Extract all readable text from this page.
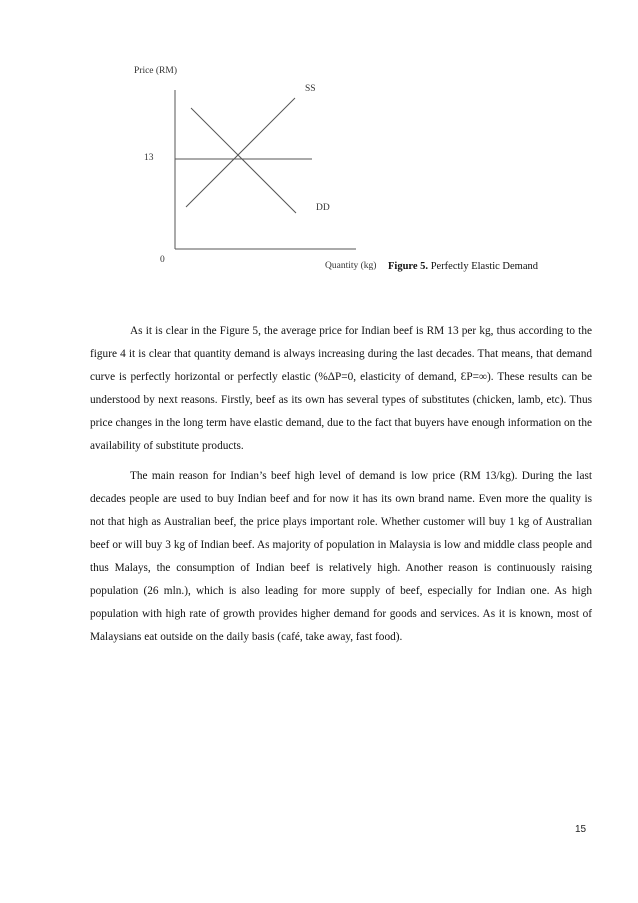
Price (RM)
SS
13
DD
0
Quantity (kg) Figure 5. Perfectly Elastic Demand

As it is clear in the Figure 5, the average price for Indian beef is RM 13 per kg, thus according to the figure 4 it is clear that quantity demand is always increasing during the last decades. That means, that demand curve is perfectly horizontal or perfectly elastic (%ΔP=0, elasticity of demand, ƐP=∞). These results can be understood by next reasons. Firstly, beef as its own has several types of substitutes (chicken, lamb, etc). Thus price changes in the long term have elastic demand, due to the fact that buyers have enough information on the availability of substitute products.

The main reason for Indian’s beef high level of demand is low price (RM 13/kg). During the last decades people are used to buy Indian beef and for now it has its own brand name. Even more the quality is not that high as Australian beef, the price plays important role. Whether customer will buy 1 kg of Australian beef or will buy 3 kg of Indian beef. As majority of population in Malaysia is low and middle class people and thus Malays, the consumption of Indian beef is relatively high. Another reason is continuously raising population (26 mln.), which is also leading for more supply of beef, especially for Indian one. As high population with high rate of growth provides higher demand for goods and services. As it is known, most of Malaysians eat outside on the daily basis (café, take away, fast food).

15
